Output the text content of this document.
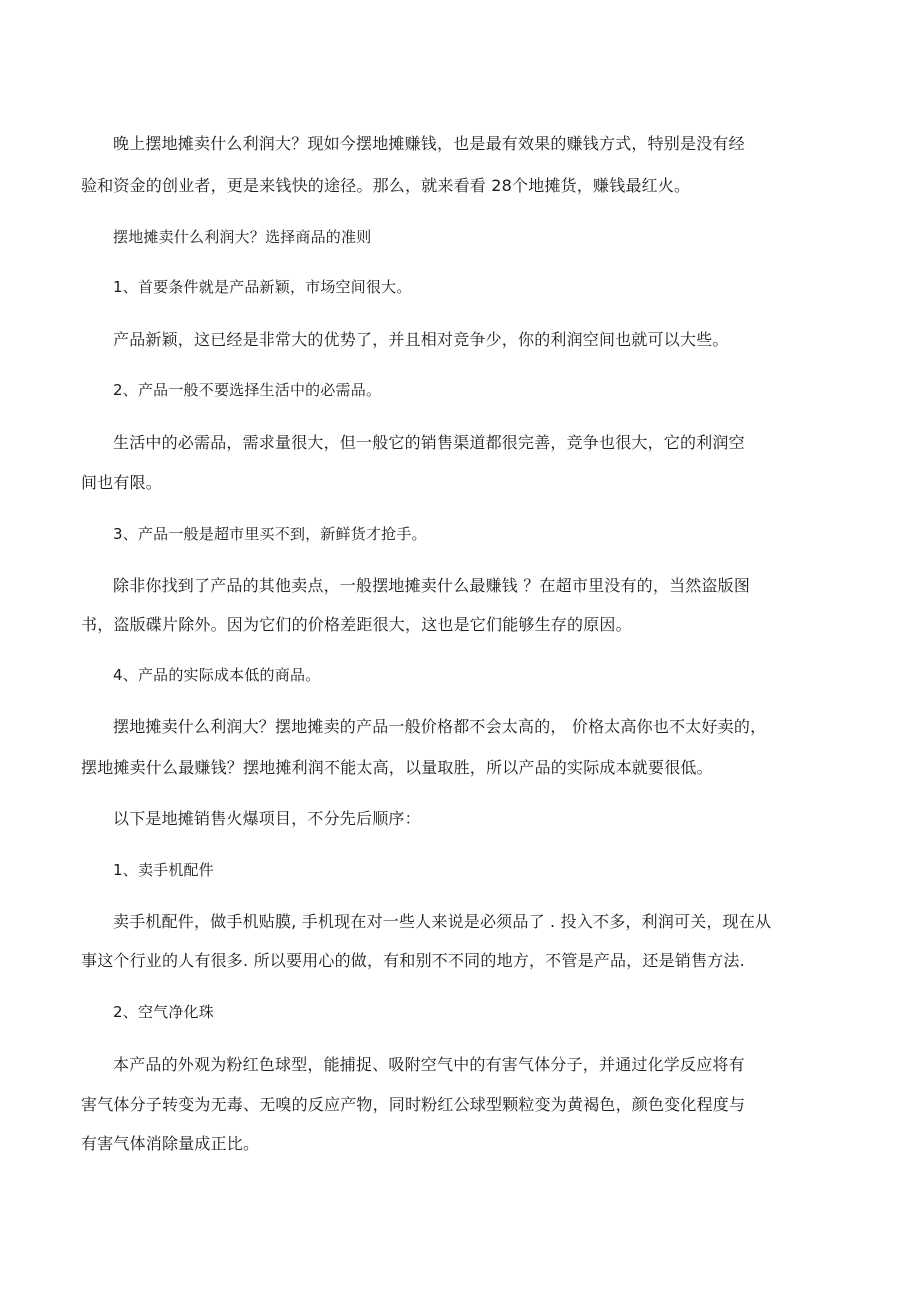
晚上摆地摊卖什么利润大？现如今摆地摊赚钱，也是最有效果的赚钱方式，特别是没有经
验和资金的创业者，更是来钱快的途径。那么，就来看看 28个地摊货，赚钱最红火。
摆地摊卖什么利润大？选择商品的准则
1、首要条件就是产品新颖，市场空间很大。
产品新颖，这已经是非常大的优势了，并且相对竞争少，你的利润空间也就可以大些。
2、产品一般不要选择生活中的必需品。
生活中的必需品，需求量很大，但一般它的销售渠道都很完善，竞争也很大，它的利润空
间也有限。
3、产品一般是超市里买不到，新鲜货才抢手。
除非你找到了产品的其他卖点，一般摆地摊卖什么最赚钱 ？在超市里没有的，当然盗版图
书，盗版碟片除外。因为它们的价格差距很大，这也是它们能够生存的原因。
4、产品的实际成本低的商品。
摆地摊卖什么利润大？摆地摊卖的产品一般价格都不会太高的， 价格太高你也不太好卖的，
摆地摊卖什么最赚钱？摆地摊利润不能太高，以量取胜，所以产品的实际成本就要很低。
以下是地摊销售火爆项目，不分先后顺序：
1、卖手机配件
卖手机配件，做手机贴膜, 手机现在对一些人来说是必须品了 . 投入不多，利润可关，现在从
事这个行业的人有很多. 所以要用心的做，有和别不不同的地方，不管是产品，还是销售方法.
2、空气净化珠
本产品的外观为粉红色球型，能捕捉、吸附空气中的有害气体分子，并通过化学反应将有
害气体分子转变为无毒、无嗅的反应产物，同时粉红公球型颗粒变为黄褐色，颜色变化程度与
有害气体消除量成正比。
